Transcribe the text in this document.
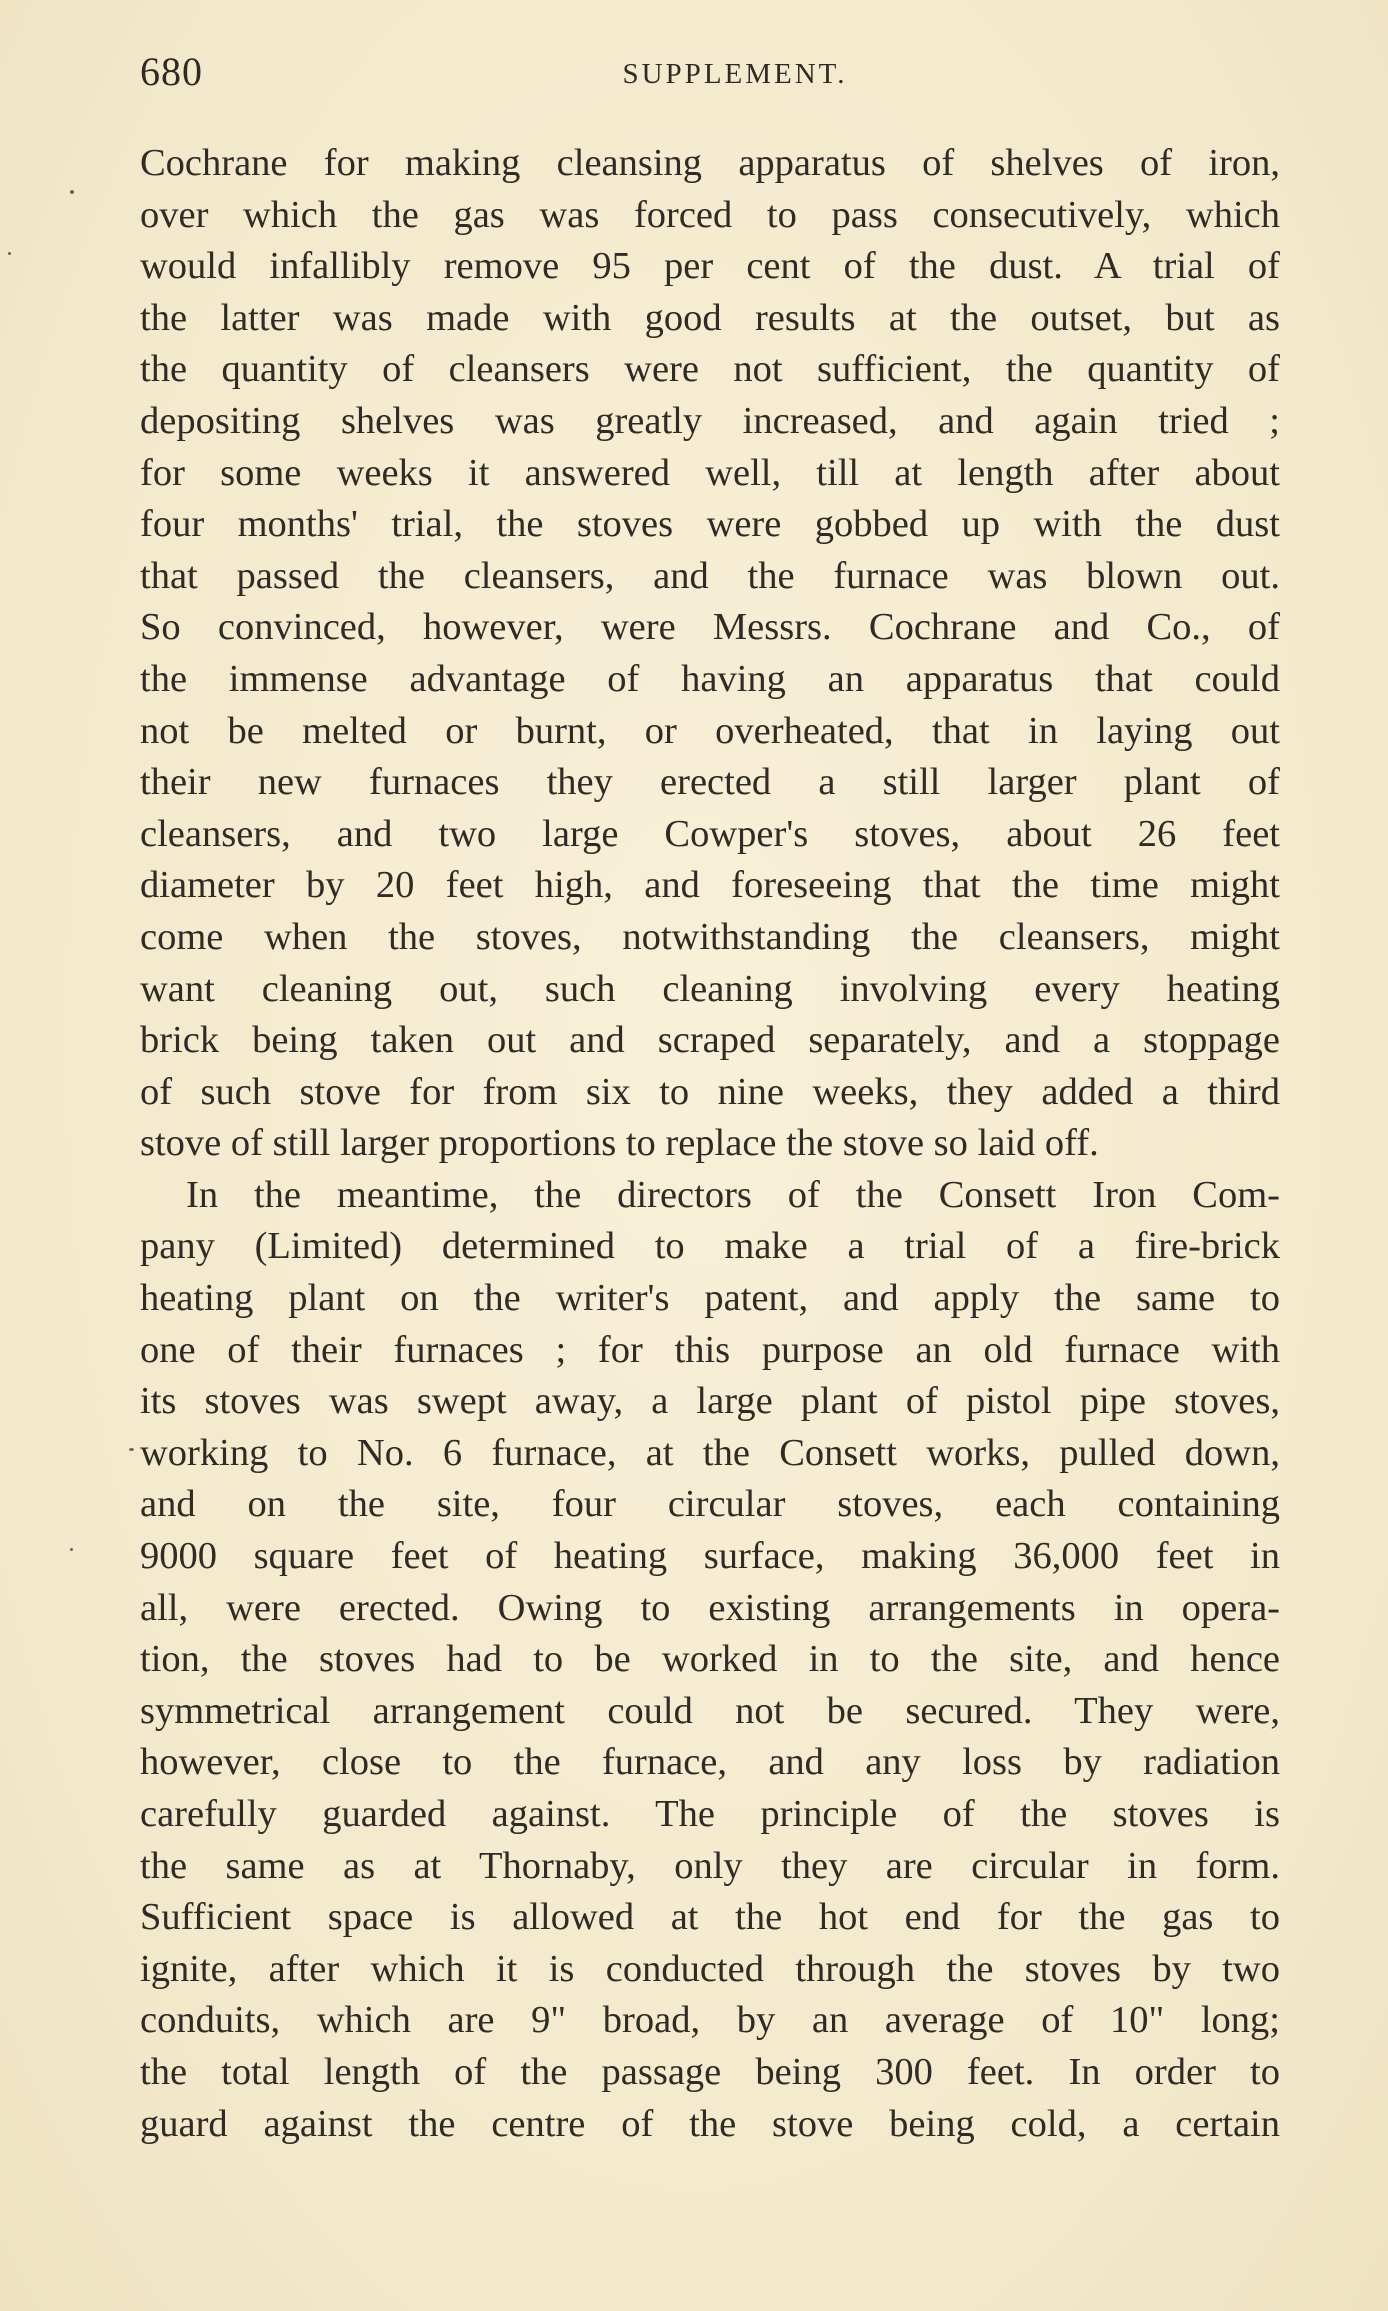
680	SUPPLEMENT.
Cochrane for making cleansing apparatus of shelves of iron,
over which the gas was forced to pass consecutively, which
would infallibly remove 95 per cent of the dust. A trial of
the latter was made with good results at the outset, but as
the quantity of cleansers were not sufficient, the quantity of
depositing shelves was greatly increased, and again tried ;
for some weeks it answered well, till at length after about
four months' trial, the stoves were gobbed up with the dust
that passed the cleansers, and the furnace was blown out.
So convinced, however, were Messrs. Cochrane and Co., of
the immense advantage of having an apparatus that could
not be melted or burnt, or overheated, that in laying out
their new furnaces they erected a still larger plant of
cleansers, and two large Cowper's stoves, about 26 feet
diameter by 20 feet high, and foreseeing that the time might
come when the stoves, notwithstanding the cleansers, might
want cleaning out, such cleaning involving every heating
brick being taken out and scraped separately, and a stoppage
of such stove for from six to nine weeks, they added a third
stove of still larger proportions to replace the stove so laid off.
In the meantime, the directors of the Consett Iron Com-
pany (Limited) determined to make a trial of a fire-brick
heating plant on the writer's patent, and apply the same to
one of their furnaces ; for this purpose an old furnace with
its stoves was swept away, a large plant of pistol pipe stoves,
working to No. 6 furnace, at the Consett works, pulled down,
and on the site, four circular stoves, each containing
9000 square feet of heating surface, making 36,000 feet in
all, were erected. Owing to existing arrangements in opera-
tion, the stoves had to be worked in to the site, and hence
symmetrical arrangement could not be secured. They were,
however, close to the furnace, and any loss by radiation
carefully guarded against. The principle of the stoves is
the same as at Thornaby, only they are circular in form.
Sufficient space is allowed at the hot end for the gas to
ignite, after which it is conducted through the stoves by two
conduits, which are 9" broad, by an average of 10" long;
the total length of the passage being 300 feet. In order to
guard against the centre of the stove being cold, a certain
